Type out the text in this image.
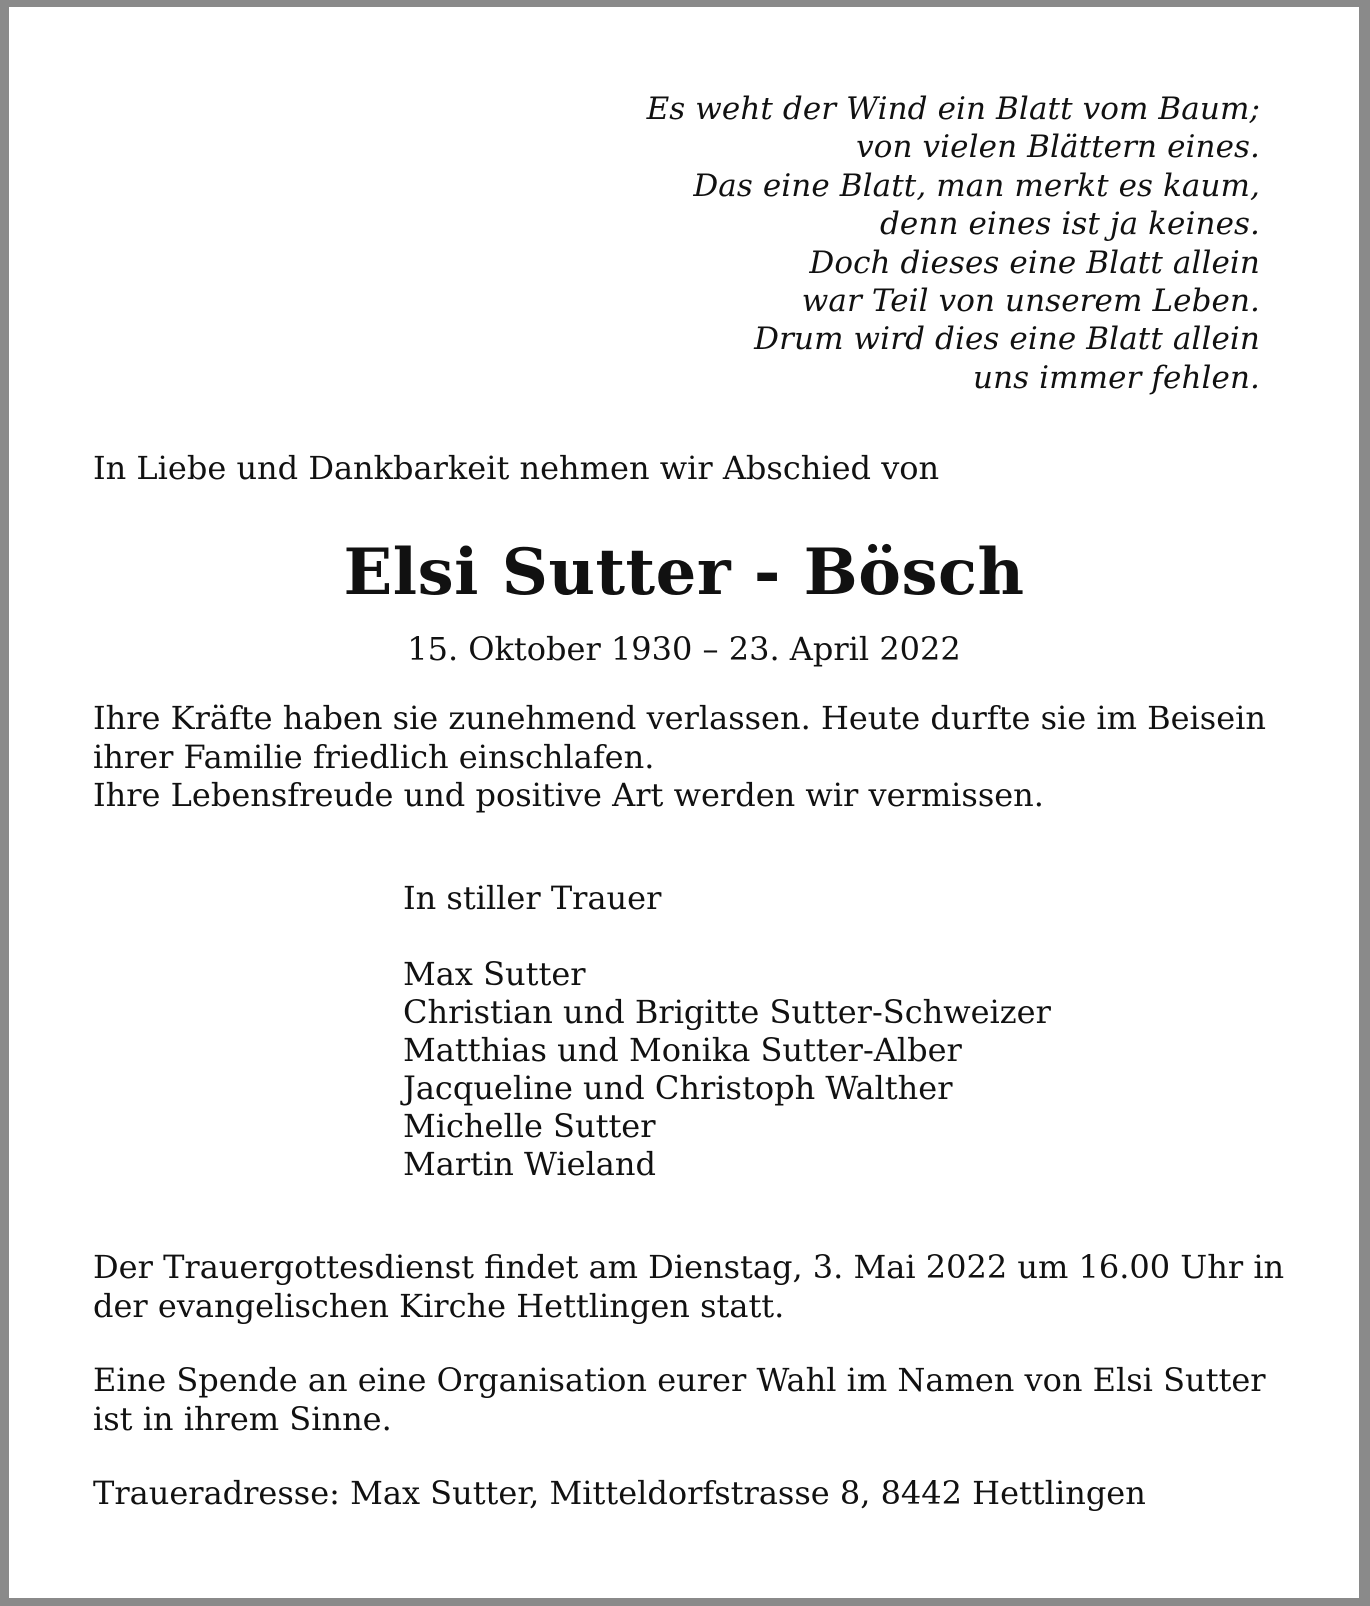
Es weht der Wind ein Blatt vom Baum;
von vielen Blättern eines.
Das eine Blatt, man merkt es kaum,
denn eines ist ja keines.
Doch dieses eine Blatt allein
war Teil von unserem Leben.
Drum wird dies eine Blatt allein
uns immer fehlen.
In Liebe und Dankbarkeit nehmen wir Abschied von
Elsi Sutter - Bösch
15. Oktober 1930 – 23. April 2022
Ihre Kräfte haben sie zunehmend verlassen. Heute durfte sie im Beisein
ihrer Familie friedlich einschlafen.
Ihre Lebensfreude und positive Art werden wir vermissen.
In stiller Trauer
Max Sutter
Christian und Brigitte Sutter-Schweizer
Matthias und Monika Sutter-Alber
Jacqueline und Christoph Walther
Michelle Sutter
Martin Wieland
Der Trauergottesdienst findet am Dienstag, 3. Mai 2022 um 16.00 Uhr in
der evangelischen Kirche Hettlingen statt.
Eine Spende an eine Organisation eurer Wahl im Namen von Elsi Sutter
ist in ihrem Sinne.
Traueradresse: Max Sutter, Mitteldorfstrasse 8, 8442 Hettlingen
